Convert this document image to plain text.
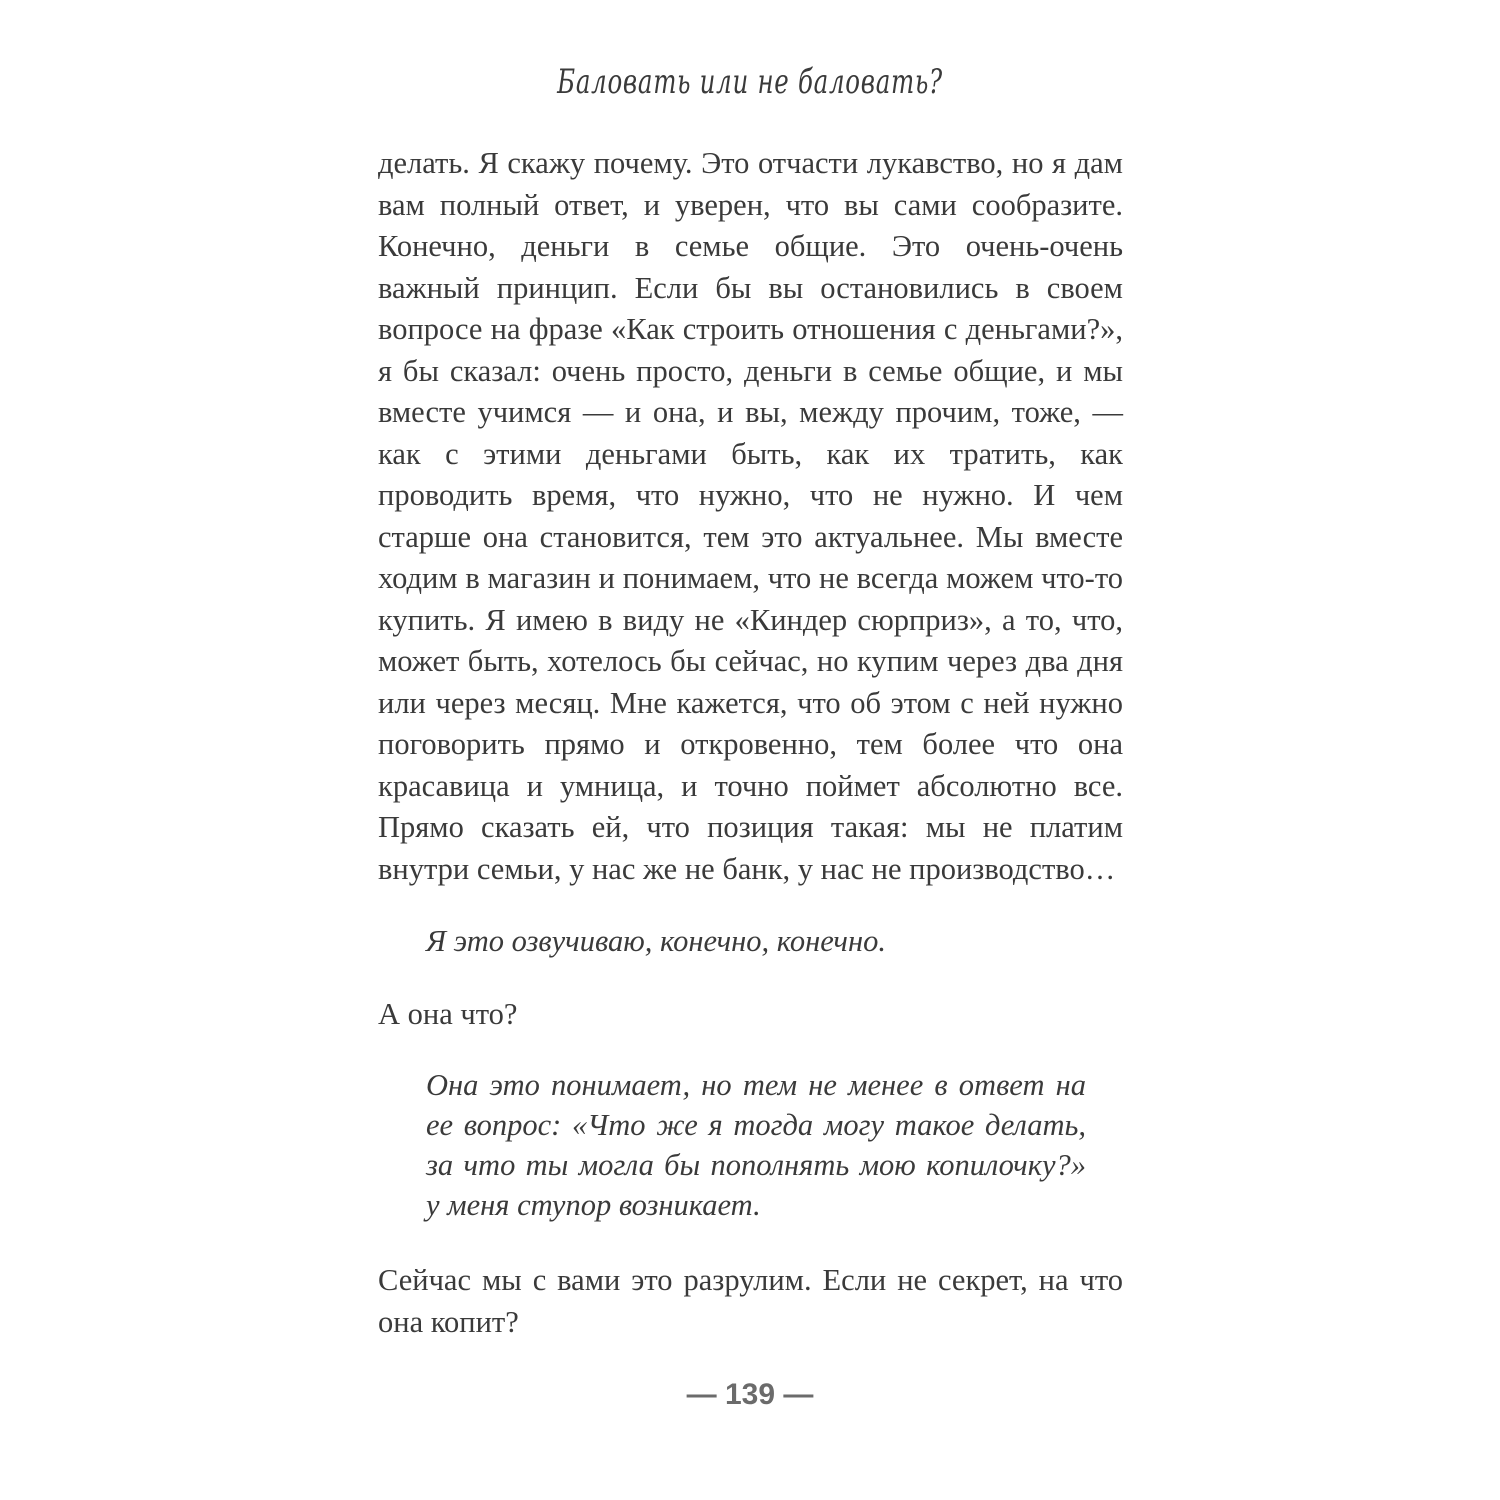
Баловать или не баловать?

делать. Я скажу почему. Это отчасти лукавство, но я дам вам полный ответ, и уверен, что вы сами сообразите. Конечно, деньги в семье общие. Это очень-очень важный принцип. Если бы вы остановились в своем вопросе на фразе «Как строить отношения с деньгами?», я бы сказал: очень просто, деньги в семье общие, и мы вместе учимся — и она, и вы, между прочим, тоже, — как с этими деньгами быть, как их тратить, как проводить время, что нужно, что не нужно. И чем старше она становится, тем это актуальнее. Мы вместе ходим в магазин и понимаем, что не всегда можем что-то купить. Я имею в виду не «Киндер сюрприз», а то, что, может быть, хотелось бы сейчас, но купим через два дня или через месяц. Мне кажется, что об этом с ней нужно поговорить прямо и откровенно, тем более что она красавица и умница, и точно поймет абсолютно все. Прямо сказать ей, что позиция такая: мы не платим внутри семьи, у нас же не банк, у нас не производство…

Я это озвучиваю, конечно, конечно.

А она что?

Она это понимает, но тем не менее в ответ на ее вопрос: «Что же я тогда могу такое делать, за что ты могла бы пополнять мою копилочку?» у меня ступор возникает.

Сейчас мы с вами это разрулим. Если не секрет, на что она копит?

— 139 —
